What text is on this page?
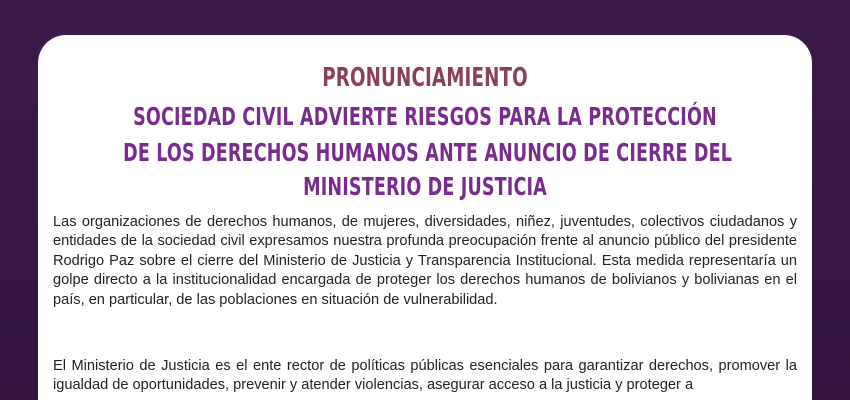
PRONUNCIAMIENTO
SOCIEDAD CIVIL ADVIERTE RIESGOS PARA LA PROTECCIÓN
DE LOS DERECHOS HUMANOS ANTE ANUNCIO DE CIERRE DEL
MINISTERIO DE JUSTICIA

Las organizaciones de derechos humanos, de mujeres, diversidades, niñez, juventudes, colectivos ciudadanos y entidades de la sociedad civil expresamos nuestra profunda preocupación frente al anuncio público del presidente Rodrigo Paz sobre el cierre del Ministerio de Justicia y Transparencia Institucional. Esta medida representaría un golpe directo a la institucionalidad encargada de proteger los derechos humanos de bolivianos y bolivianas en el país, en particular, de las poblaciones en situación de vulnerabilidad.

El Ministerio de Justicia es el ente rector de políticas públicas esenciales para garantizar derechos, promover la igualdad de oportunidades, prevenir y atender violencias, asegurar acceso a la justicia y proteger a
